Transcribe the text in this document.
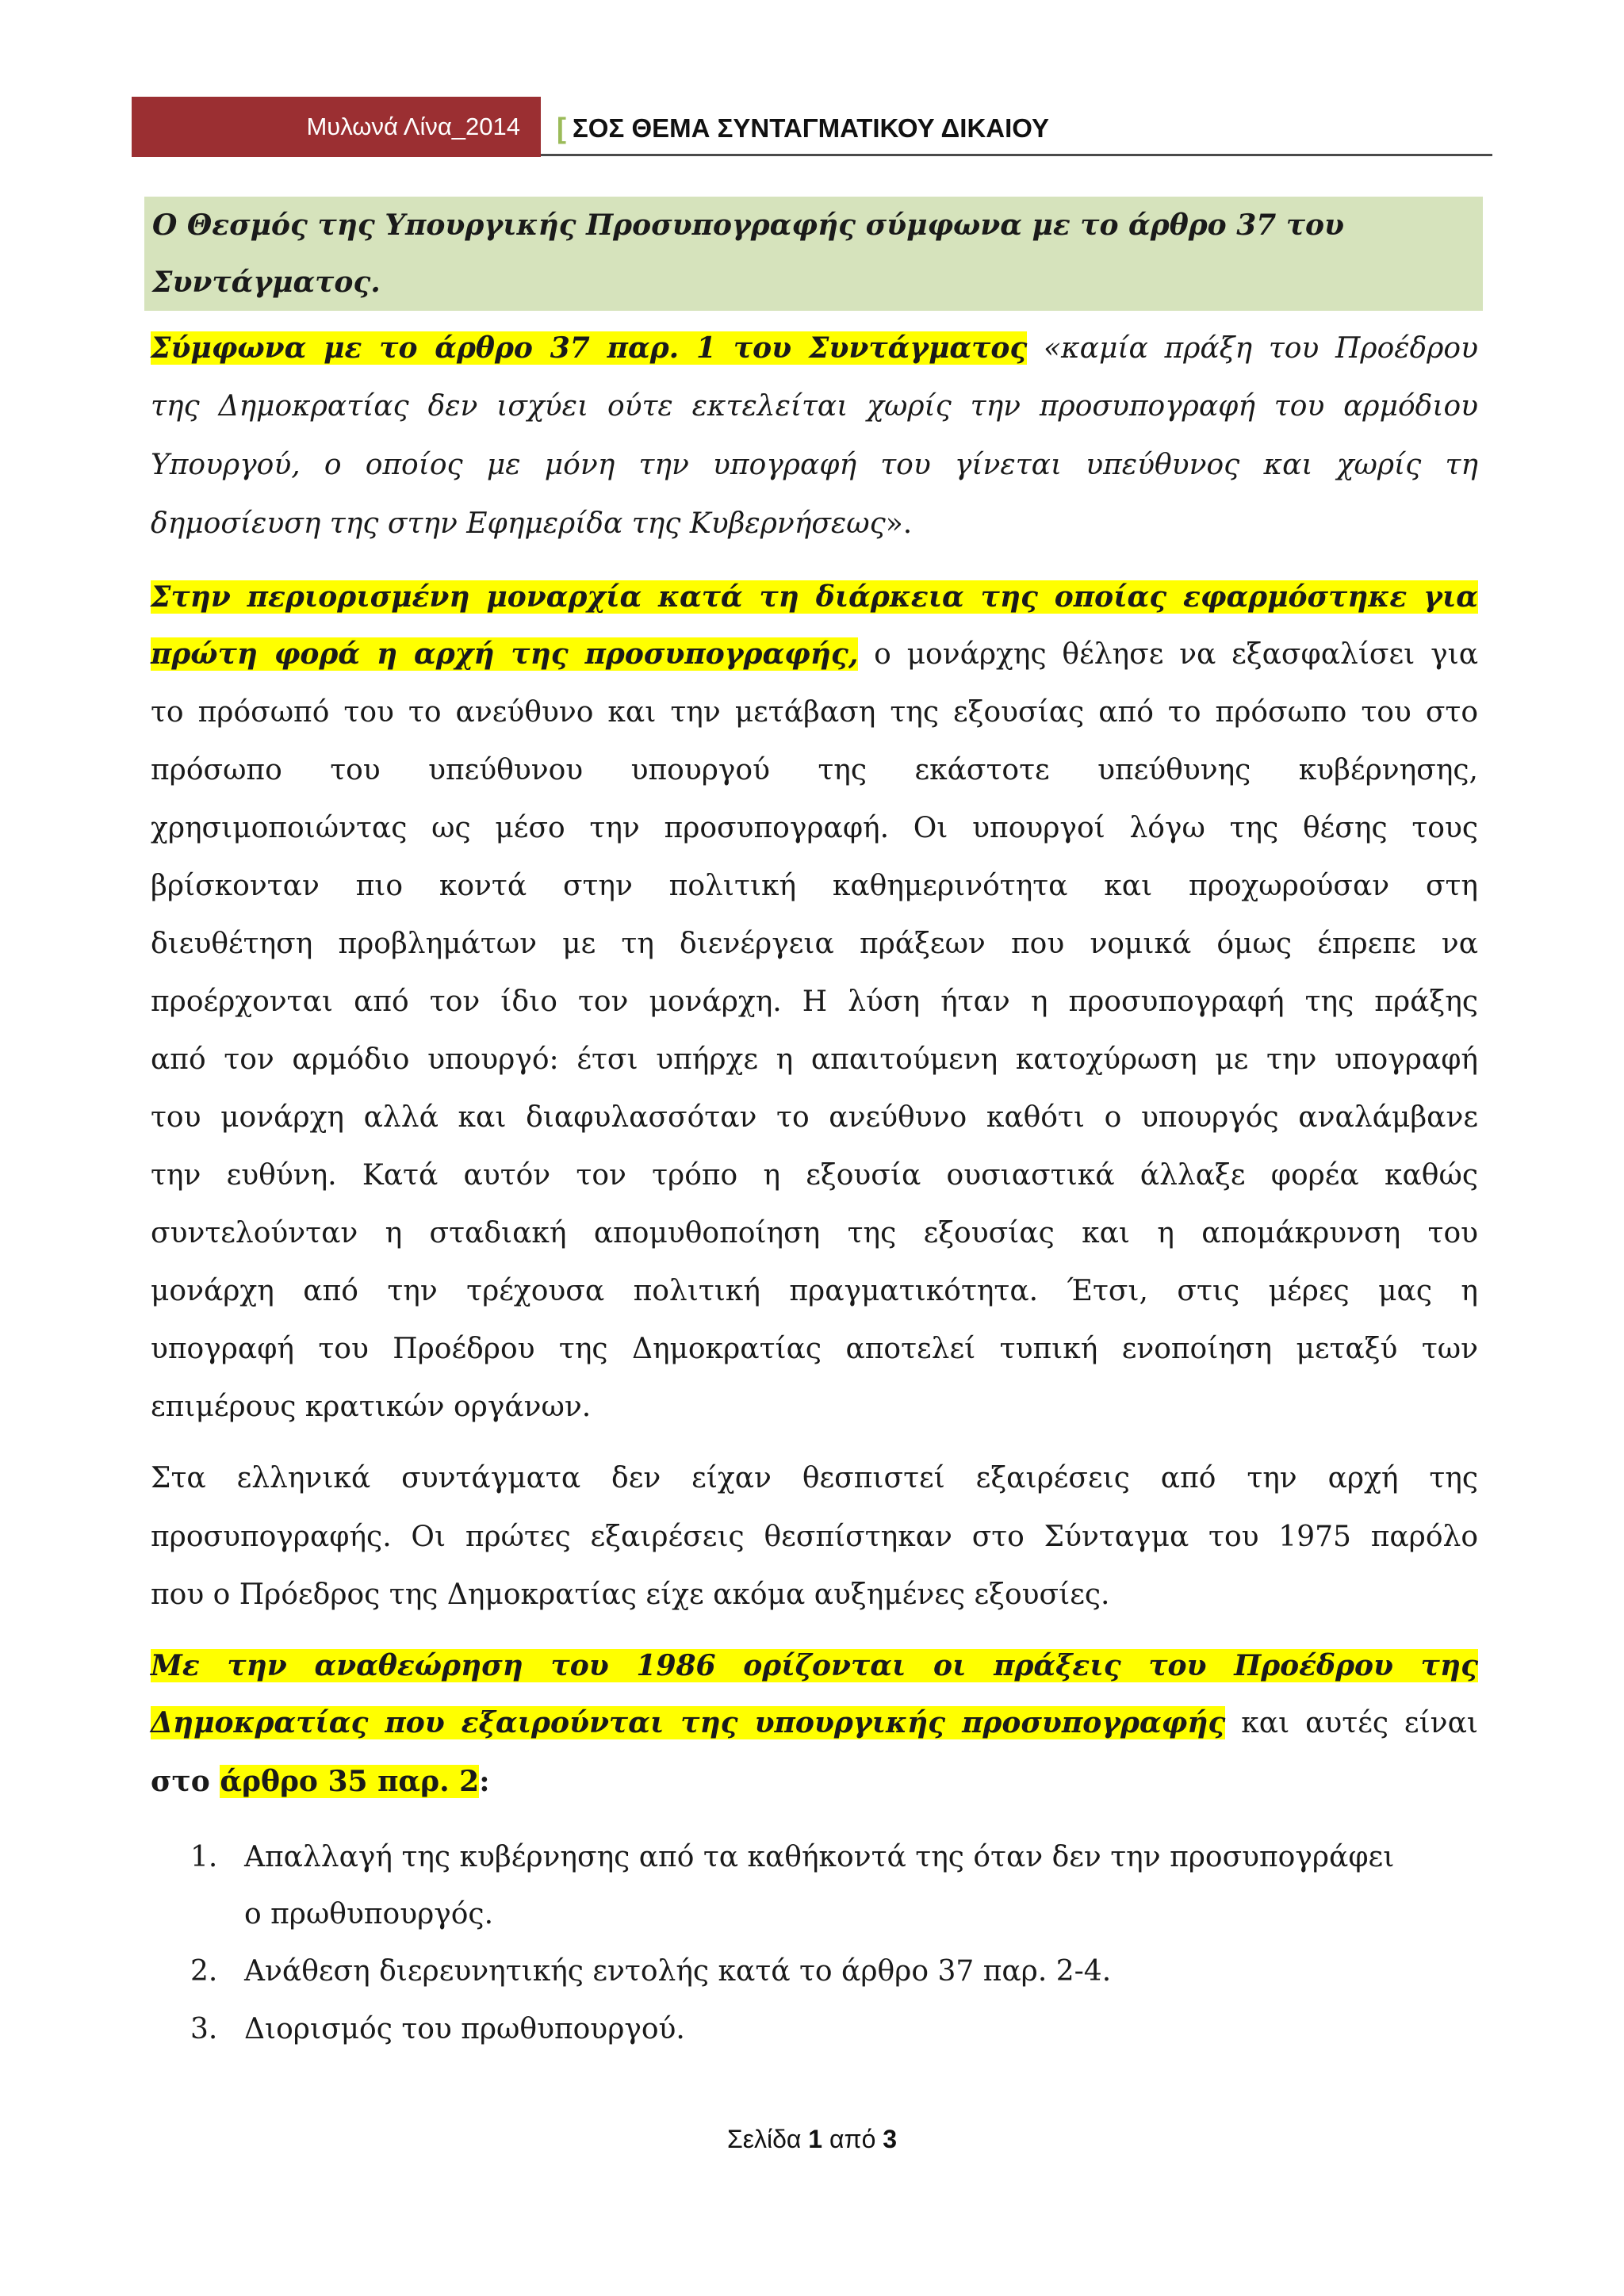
Μυλωνά Λίνα_2014	[ ΣΟΣ ΘΕΜΑ ΣΥΝΤΑΓΜΑΤΙΚΟΥ ΔΙΚΑΙΟΥ
Ο Θεσμός της Υπουργικής Προσυπογραφής σύμφωνα με το άρθρο 37 του
Συντάγματος.
Σύμφωνα με το άρθρο 37 παρ. 1 του Συντάγματος «καμία πράξη του Προέδρου
της Δημοκρατίας δεν ισχύει ούτε εκτελείται χωρίς την προσυπογραφή του αρμόδιου
Υπουργού, ο οποίος με μόνη την υπογραφή του γίνεται υπεύθυνος και χωρίς τη
δημοσίευση της στην Εφημερίδα της Κυβερνήσεως».
Στην περιορισμένη μοναρχία κατά τη διάρκεια της οποίας εφαρμόστηκε για
πρώτη φορά η αρχή της προσυπογραφής, ο μονάρχης θέλησε να εξασφαλίσει για
το πρόσωπό του το ανεύθυνο και την μετάβαση της εξουσίας από το πρόσωπο του στο
πρόσωπο του υπεύθυνου υπουργού της εκάστοτε υπεύθυνης κυβέρνησης,
χρησιμοποιώντας ως μέσο την προσυπογραφή. Οι υπουργοί λόγω της θέσης τους
βρίσκονταν πιο κοντά στην πολιτική καθημερινότητα και προχωρούσαν στη
διευθέτηση προβλημάτων με τη διενέργεια πράξεων που νομικά όμως έπρεπε να
προέρχονται από τον ίδιο τον μονάρχη. Η λύση ήταν η προσυπογραφή της πράξης
από τον αρμόδιο υπουργό: έτσι υπήρχε η απαιτούμενη κατοχύρωση με την υπογραφή
του μονάρχη αλλά και διαφυλασσόταν το ανεύθυνο καθότι ο υπουργός αναλάμβανε
την ευθύνη. Κατά αυτόν τον τρόπο η εξουσία ουσιαστικά άλλαξε φορέα καθώς
συντελούνταν η σταδιακή απομυθοποίηση της εξουσίας και η απομάκρυνση του
μονάρχη από την τρέχουσα πολιτική πραγματικότητα. Έτσι, στις μέρες μας η
υπογραφή του Προέδρου της Δημοκρατίας αποτελεί τυπική ενοποίηση μεταξύ των
επιμέρους κρατικών οργάνων.
Στα ελληνικά συντάγματα δεν είχαν θεσπιστεί εξαιρέσεις από την αρχή της
προσυπογραφής. Οι πρώτες εξαιρέσεις θεσπίστηκαν στο Σύνταγμα του 1975 παρόλο
που ο Πρόεδρος της Δημοκρατίας είχε ακόμα αυξημένες εξουσίες.
Με την αναθεώρηση του 1986 ορίζονται οι πράξεις του Προέδρου της
Δημοκρατίας που εξαιρούνται της υπουργικής προσυπογραφής και αυτές είναι
στο άρθρο 35 παρ. 2:
1. Απαλλαγή της κυβέρνησης από τα καθήκοντά της όταν δεν την προσυπογράφει
ο πρωθυπουργός.
2. Ανάθεση διερευνητικής εντολής κατά το άρθρο 37 παρ. 2-4.
3. Διορισμός του πρωθυπουργού.
Σελίδα 1 από 3
